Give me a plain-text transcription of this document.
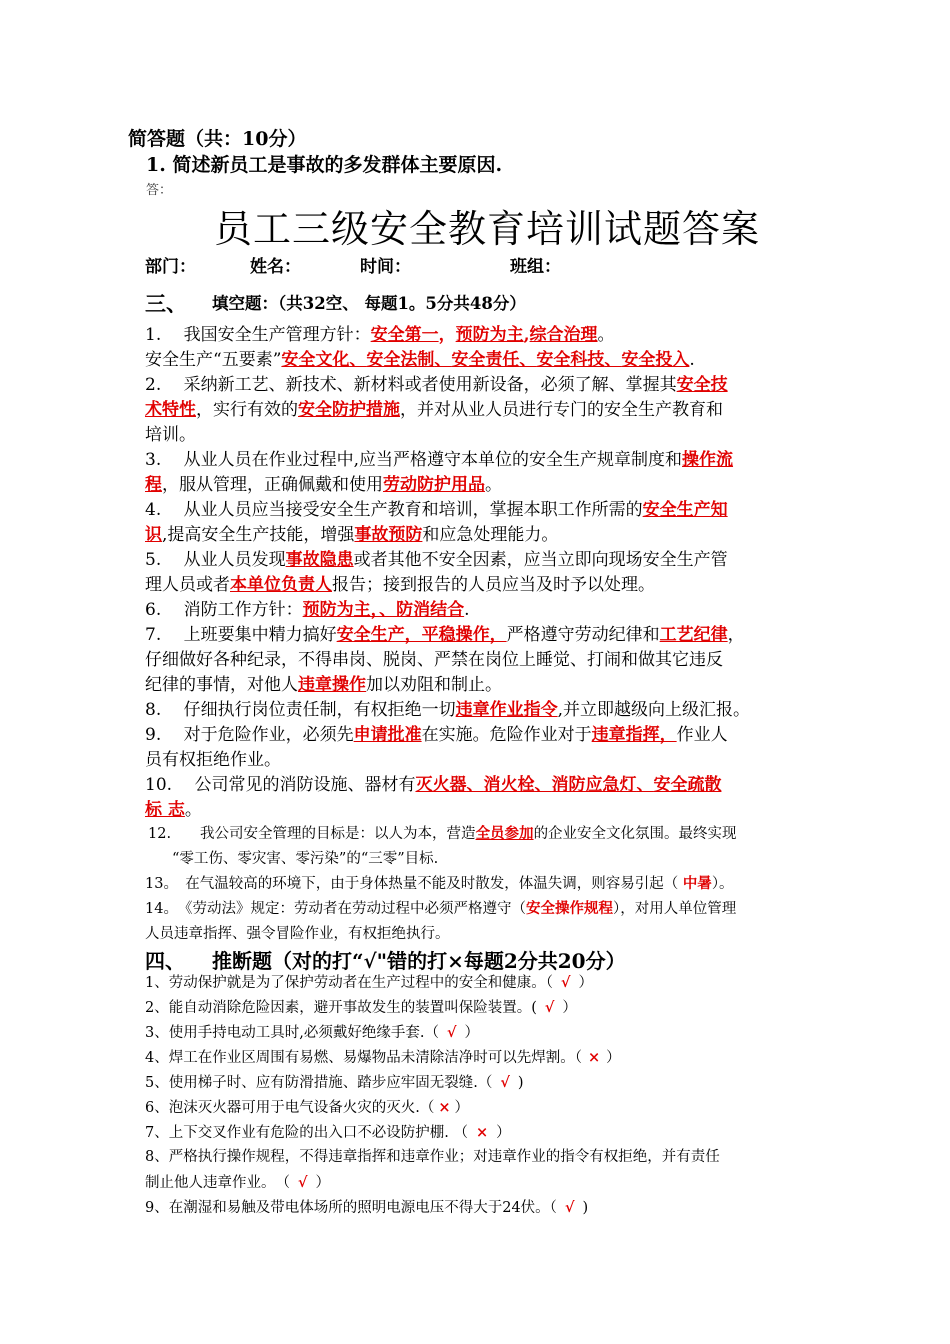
简答题（共：10分）
1. 简述新员工是事故的多发群体主要原因.
答：
员工三级安全教育培训试题答案
部门：	姓名：	时间：	班组：
三、 填空题：（共32空、 每题1。5分共48分）
1.　 我国安全生产管理方针：安全第一，预防为主,综合治理。
安全生产“五要素”安全文化、安全法制、安全责任、安全科技、安全投入.
2.　 采纳新工艺、新技术、新材料或者使用新设备，必须了解、掌握其安全技
术特性，实行有效的安全防护措施，并对从业人员进行专门的安全生产教育和
培训。
3.　 从业人员在作业过程中,应当严格遵守本单位的安全生产规章制度和操作流
程，服从管理，正确佩戴和使用劳动防护用品。
4.　 从业人员应当接受安全生产教育和培训，掌握本职工作所需的安全生产知
识,提高安全生产技能，增强事故预防和应急处理能力。
5.　 从业人员发现事故隐患或者其他不安全因素，应当立即向现场安全生产管
理人员或者本单位负责人报告；接到报告的人员应当及时予以处理。
6.　 消防工作方针：预防为主，、防消结合.
7.　 上班要集中精力搞好安全生产，平稳操作，严格遵守劳动纪律和工艺纪律，
仔细做好各种纪录，不得串岗、脱岗、严禁在岗位上睡觉、打闹和做其它违反
纪律的事情，对他人违章操作加以劝阻和制止。
8.　 仔细执行岗位责任制，有权拒绝一切违章作业指令,并立即越级向上级汇报。
9.　 对于危险作业，必须先申请批准在实施。危险作业对于违章指挥，作业人
员有权拒绝作业。
10.　 公司常见的消防设施、器材有灭火器、消火栓、消防应急灯、安全疏散
标 志。
12.　　我公司安全管理的目标是：以人为本，营造全员参加的企业安全文化氛围。最终实现
“零工伤、零灾害、零污染”的“三零”目标.
13。　在气温较高的环境下，由于身体热量不能及时散发，体温失调，则容易引起（ 中暑）。
14。　《劳动法》规定：劳动者在劳动过程中必须严格遵守（安全操作规程），对用人单位管理
人员违章指挥、强令冒险作业，有权拒绝执行。
四、 推断题（对的打“√"错的打×每题2分共20分）
1、劳动保护就是为了保护劳动者在生产过程中的安全和健康。（ √ ）
2、能自动消除危险因素，避开事故发生的装置叫保险装置。( √ ）
3、使用手持电动工具时,必须戴好绝缘手套.（ √ ）
4、焊工在作业区周围有易燃、易爆物品未清除洁净时可以先焊割。（ × ）
5、使用梯子时、应有防滑措施、踏步应牢固无裂缝.（ √ )
6、泡沫灭火器可用于电气设备火灾的灭火.（ × ）
7、上下交叉作业有危险的出入口不必设防护棚. （ × ）
8、严格执行操作规程，不得违章指挥和违章作业；对违章作业的指令有权拒绝，并有责任
制止他人违章作业。　（ √ ）
9、在潮湿和易触及带电体场所的照明电源电压不得大于24伏。（ √ )
